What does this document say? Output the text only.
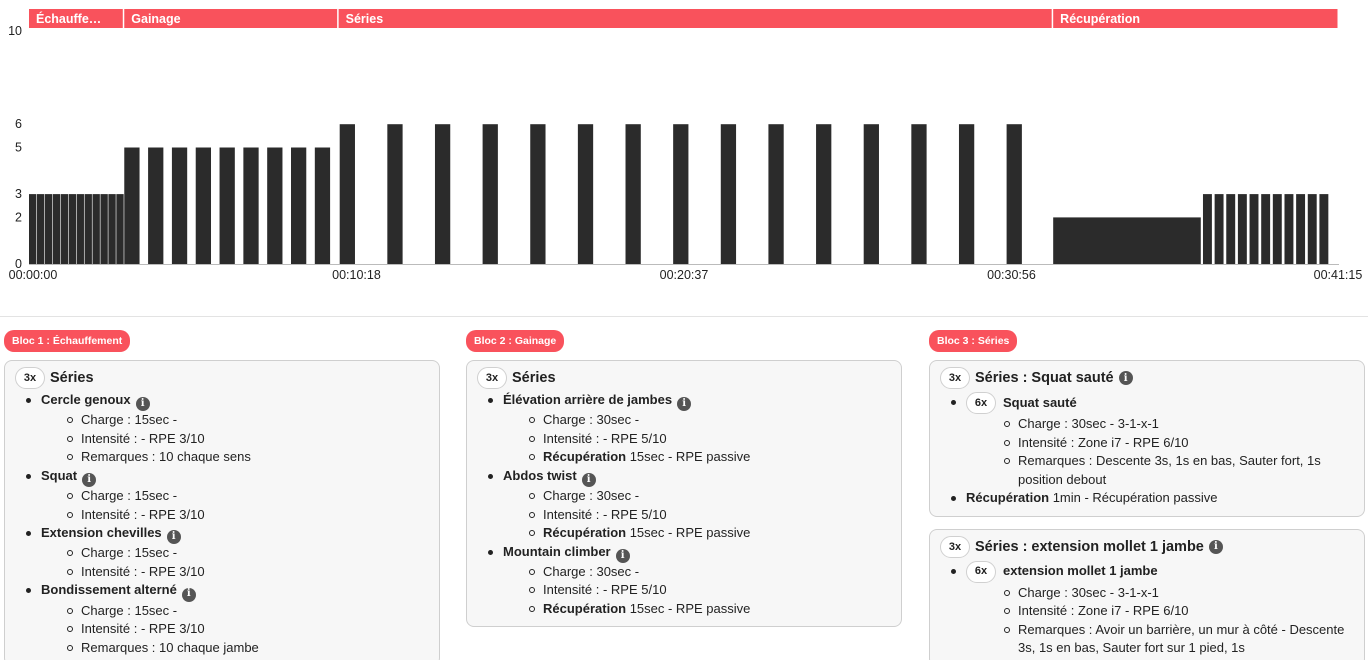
Échauffe… Gainage	Séries	Récupération
0
2
3
5
6
10
00:00:00	00:10:18	00:20:37	00:30:56	00:41:15
Bloc 1 : Échauffement
3x Séries
Cercle genoux i
Charge : 15sec -
Intensité : - RPE 3/10
Remarques : 10 chaque sens
Squat i
Charge : 15sec -
Intensité : - RPE 3/10
Extension chevilles i
Charge : 15sec -
Intensité : - RPE 3/10
Bondissement alterné i
Charge : 15sec -
Intensité : - RPE 3/10
Remarques : 10 chaque jambe
Bloc 2 : Gainage
3x Séries
Élévation arrière de jambes i
Charge : 30sec -
Intensité : - RPE 5/10
Récupération 15sec - RPE passive
Abdos twist i
Charge : 30sec -
Intensité : - RPE 5/10
Récupération 15sec - RPE passive
Mountain climber i
Charge : 30sec -
Intensité : - RPE 5/10
Récupération 15sec - RPE passive
Bloc 3 : Séries
3x Séries : Squat sauté	i
6x	Squat sauté
Charge : 30sec - 3-1-x-1
Intensité : Zone i7 - RPE 6/10
Remarques : Descente 3s, 1s en bas, Sauter fort, 1s position debout
Récupération 1min - Récupération passive
3x Séries : extension mollet 1 jambe	i
6x	extension mollet 1 jambe
Charge : 30sec - 3-1-x-1
Intensité : Zone i7 - RPE 6/10
Remarques : Avoir un barrière, un mur à côté - Descente 3s, 1s en bas, Sauter fort sur 1 pied, 1s
